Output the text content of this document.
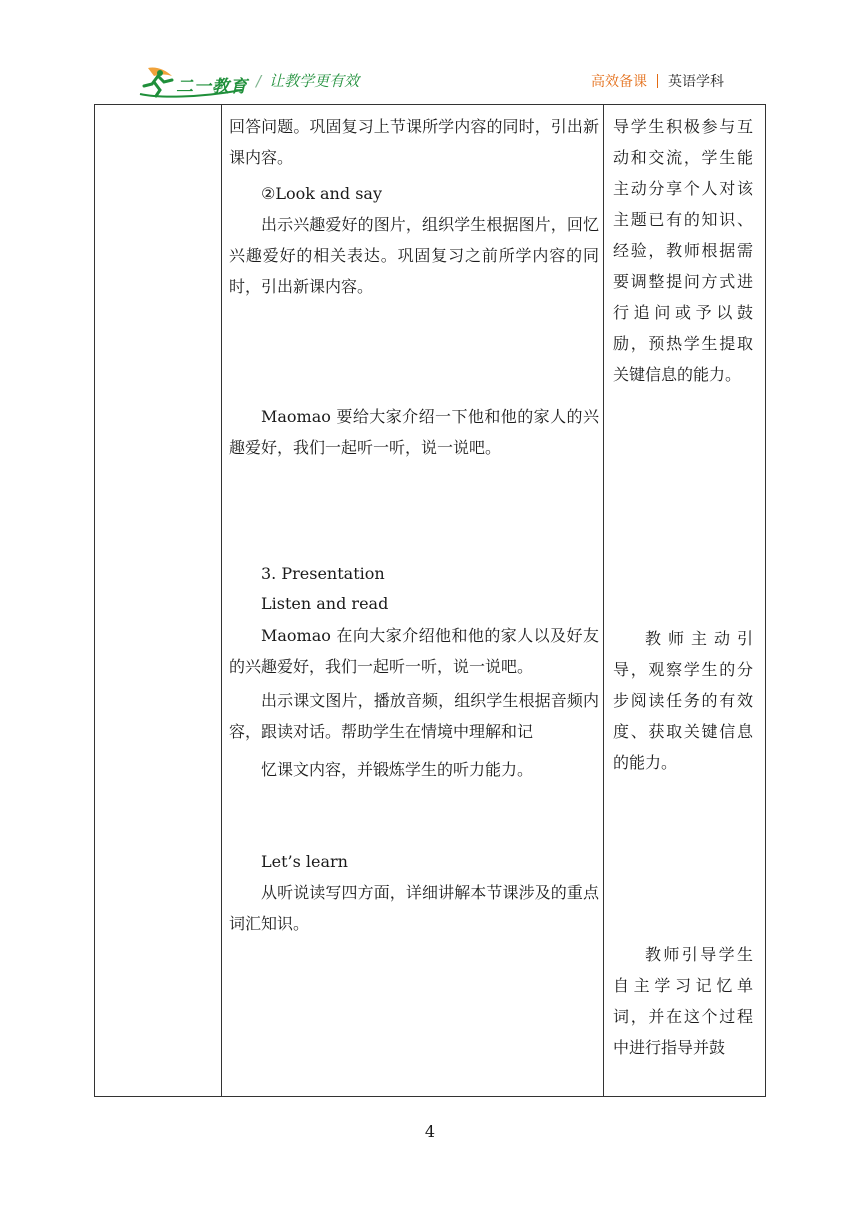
二一教育 / 让教学更有效	高效备课 英语学科

回答问题。巩固复习上节课所学内容的同时，引出新课内容。

②Look and say

出示兴趣爱好的图片，组织学生根据图片，回忆兴趣爱好的相关表达。巩固复习之前所学内容的同时，引出新课内容。

Maomao 要给大家介绍一下他和他的家人的兴趣爱好，我们一起听一听，说一说吧。

3. Presentation

Listen and read

Maomao 在向大家介绍他和他的家人以及好友的兴趣爱好，我们一起听一听，说一说吧。

出示课文图片，播放音频，组织学生根据音频内容，跟读对话。帮助学生在情境中理解和记

忆课文内容，并锻炼学生的听力能力。

Let’s learn

从听说读写四方面，详细讲解本节课涉及的重点词汇知识。

导学生积极参与互动和交流，学生能主动分享个人对该主题已有的知识、经验，教师根据需要调整提问方式进行追问或予以鼓励，预热学生提取关键信息的能力。

教师主动引导，观察学生的分步阅读任务的有效度、获取关键信息的能力。

教师引导学生自主学习记忆单词，并在这个过程中进行指导并鼓

4
